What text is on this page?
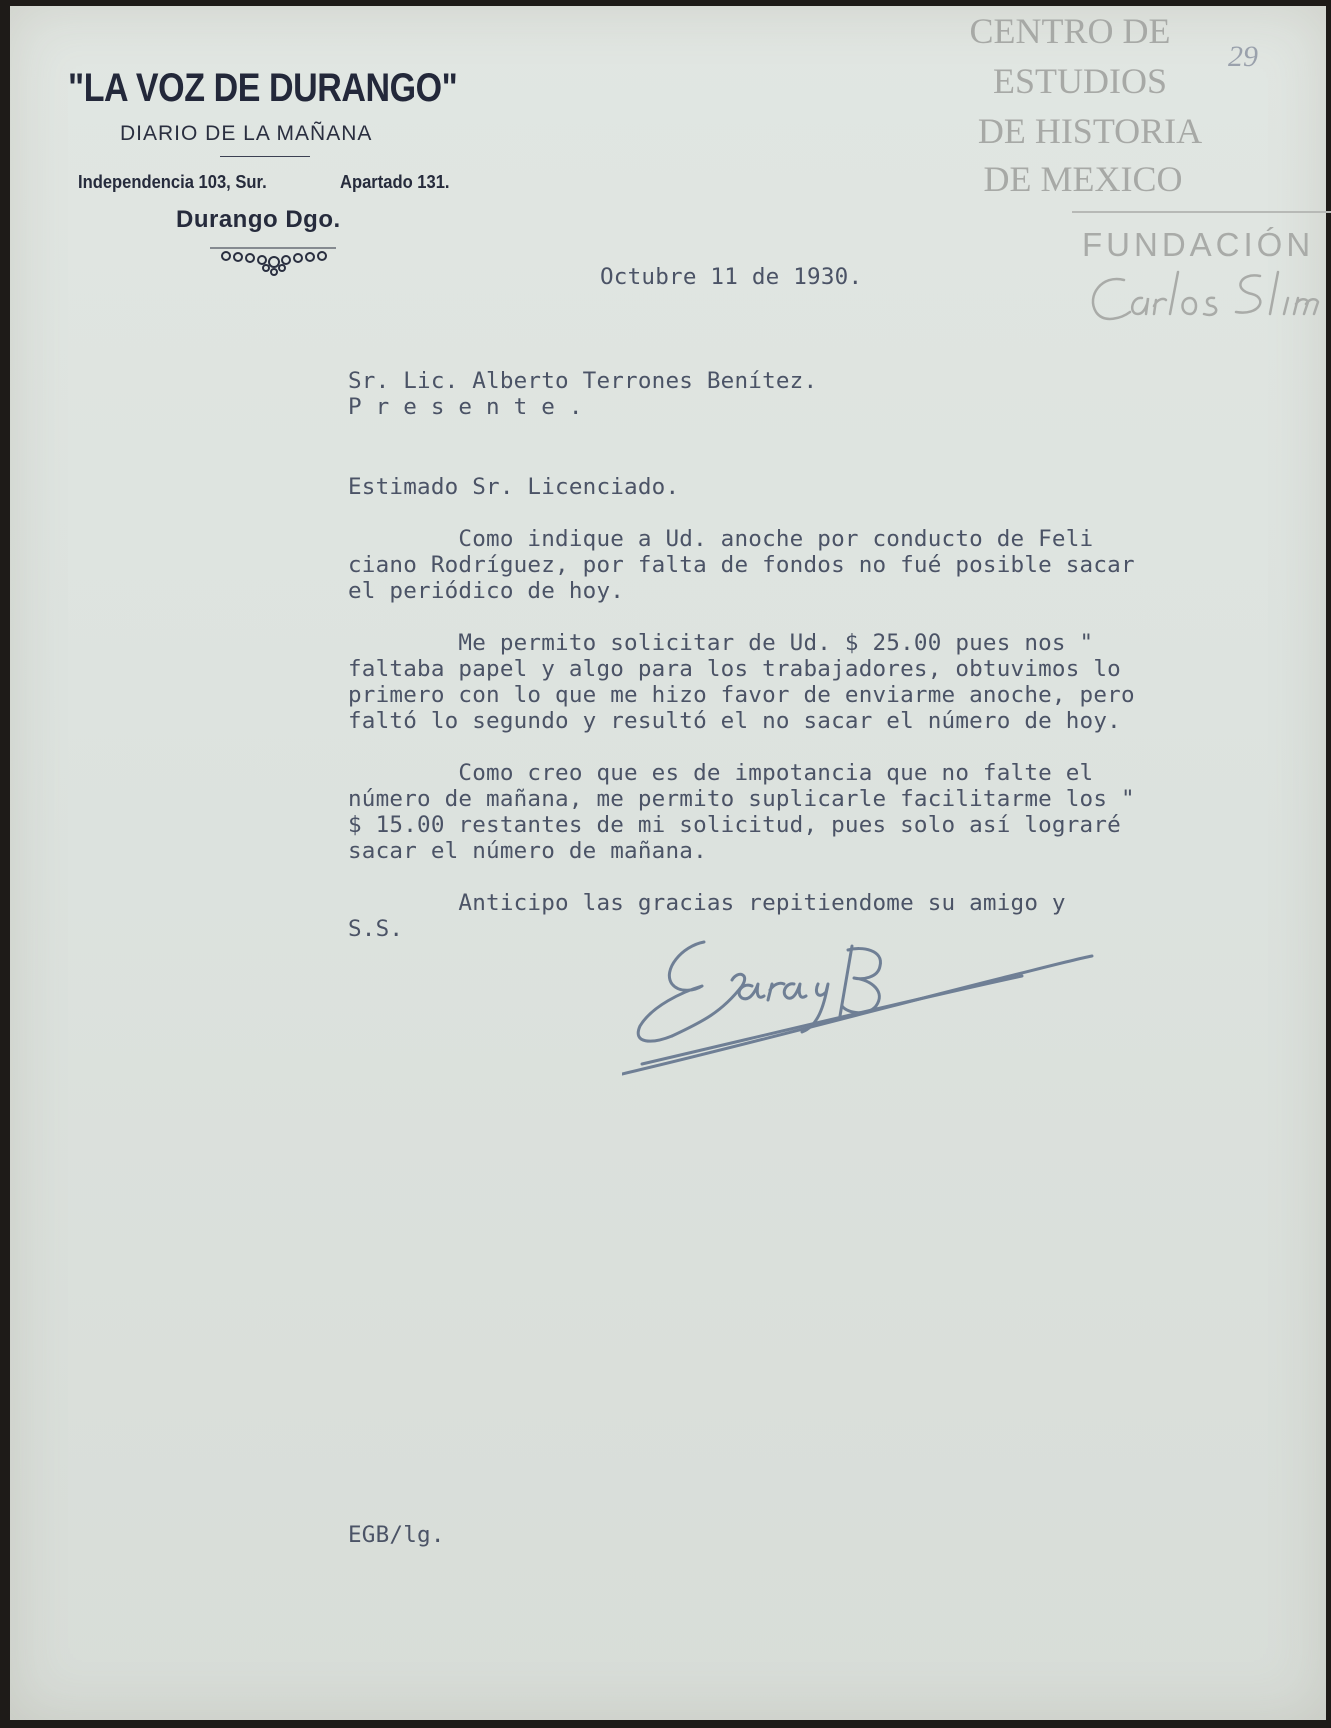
"LA VOZ DE DURANGO"
DIARIO DE LA MAÑANA
Independencia 103, Sur.	Apartado 131.
Durango Dgo.
CENTRO DE
ESTUDIOS
DE HISTORIA
DE MEXICO
FUNDACIÓN
29
Octubre 11 de 1930.
Sr. Lic. Alberto Terrones Benítez.
P r e s e n t e .
Estimado Sr. Licenciado.
Como indique a Ud. anoche por conducto de Feli
ciano Rodríguez, por falta de fondos no fué posible sacar
el periódico de hoy.
Me permito solicitar de Ud. $ 25.00 pues nos "
faltaba papel y algo para los trabajadores, obtuvimos lo
primero con lo que me hizo favor de enviarme anoche, pero
faltó lo segundo y resultó el no sacar el número de hoy.
Como creo que es de impotancia que no falte el
número de mañana, me permito suplicarle facilitarme los "
$ 15.00 restantes de mi solicitud, pues solo así lograré
sacar el número de mañana.
Anticipo las gracias repitiendome su amigo y
S.S.
EGB/lg.
